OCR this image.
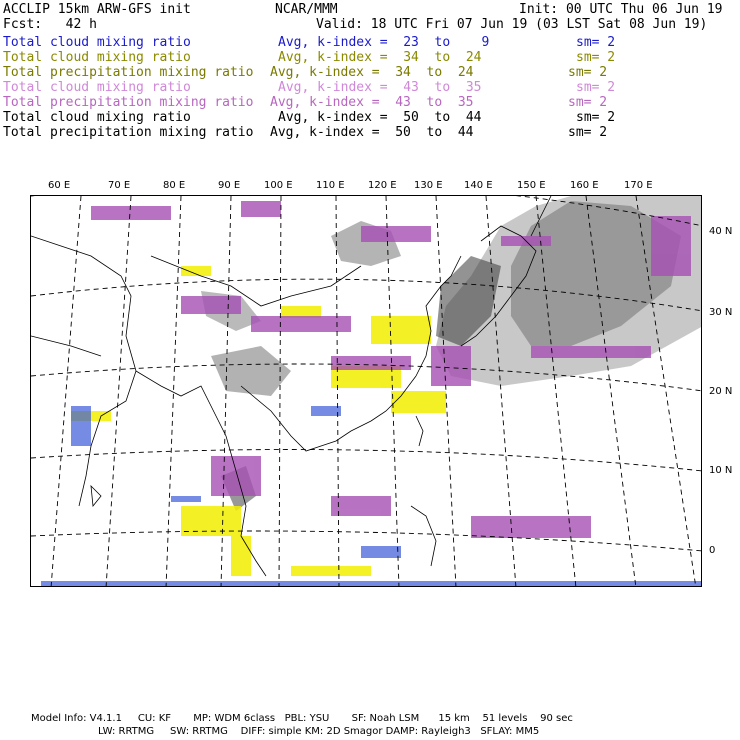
ACCLIP 15km ARW-GFS init	NCAR/MMM	Init: 00 UTC Thu 06 Jun 19
Fcst:   42 h	Valid: 18 UTC Fri 07 Jun 19 (03 LST Sat 08 Jun 19)
Total cloud mixing ratio	Avg, k-index =  23  to    9	sm= 2
Total cloud mixing ratio	Avg, k-index =  34  to  24	sm= 2
Total precipitation mixing ratio Avg, k-index =  34  to  24	sm= 2
Total cloud mixing ratio	Avg, k-index =  43  to  35	sm= 2
Total precipitation mixing ratio Avg, k-index =  43  to  35	sm= 2
Total cloud mixing ratio	Avg, k-index =  50  to  44	sm= 2
Total precipitation mixing ratio Avg, k-index =  50  to  44	sm= 2
60 E	70 E	80 E	90 E 100 E 110 E 120 E 130 E 140 E 150 E 160 E	170 E
40 N
30 N
20 N
10 N
0
Model Info: V4.1.1     CU: KF       MP: WDM 6class   PBL: YSU       SF: Noah LSM      15 km    51 levels    90 sec
LW: RRTMG     SW: RRTMG    DIFF: simple KM: 2D Smagor DAMP: Rayleigh3   SFLAY: MM5
